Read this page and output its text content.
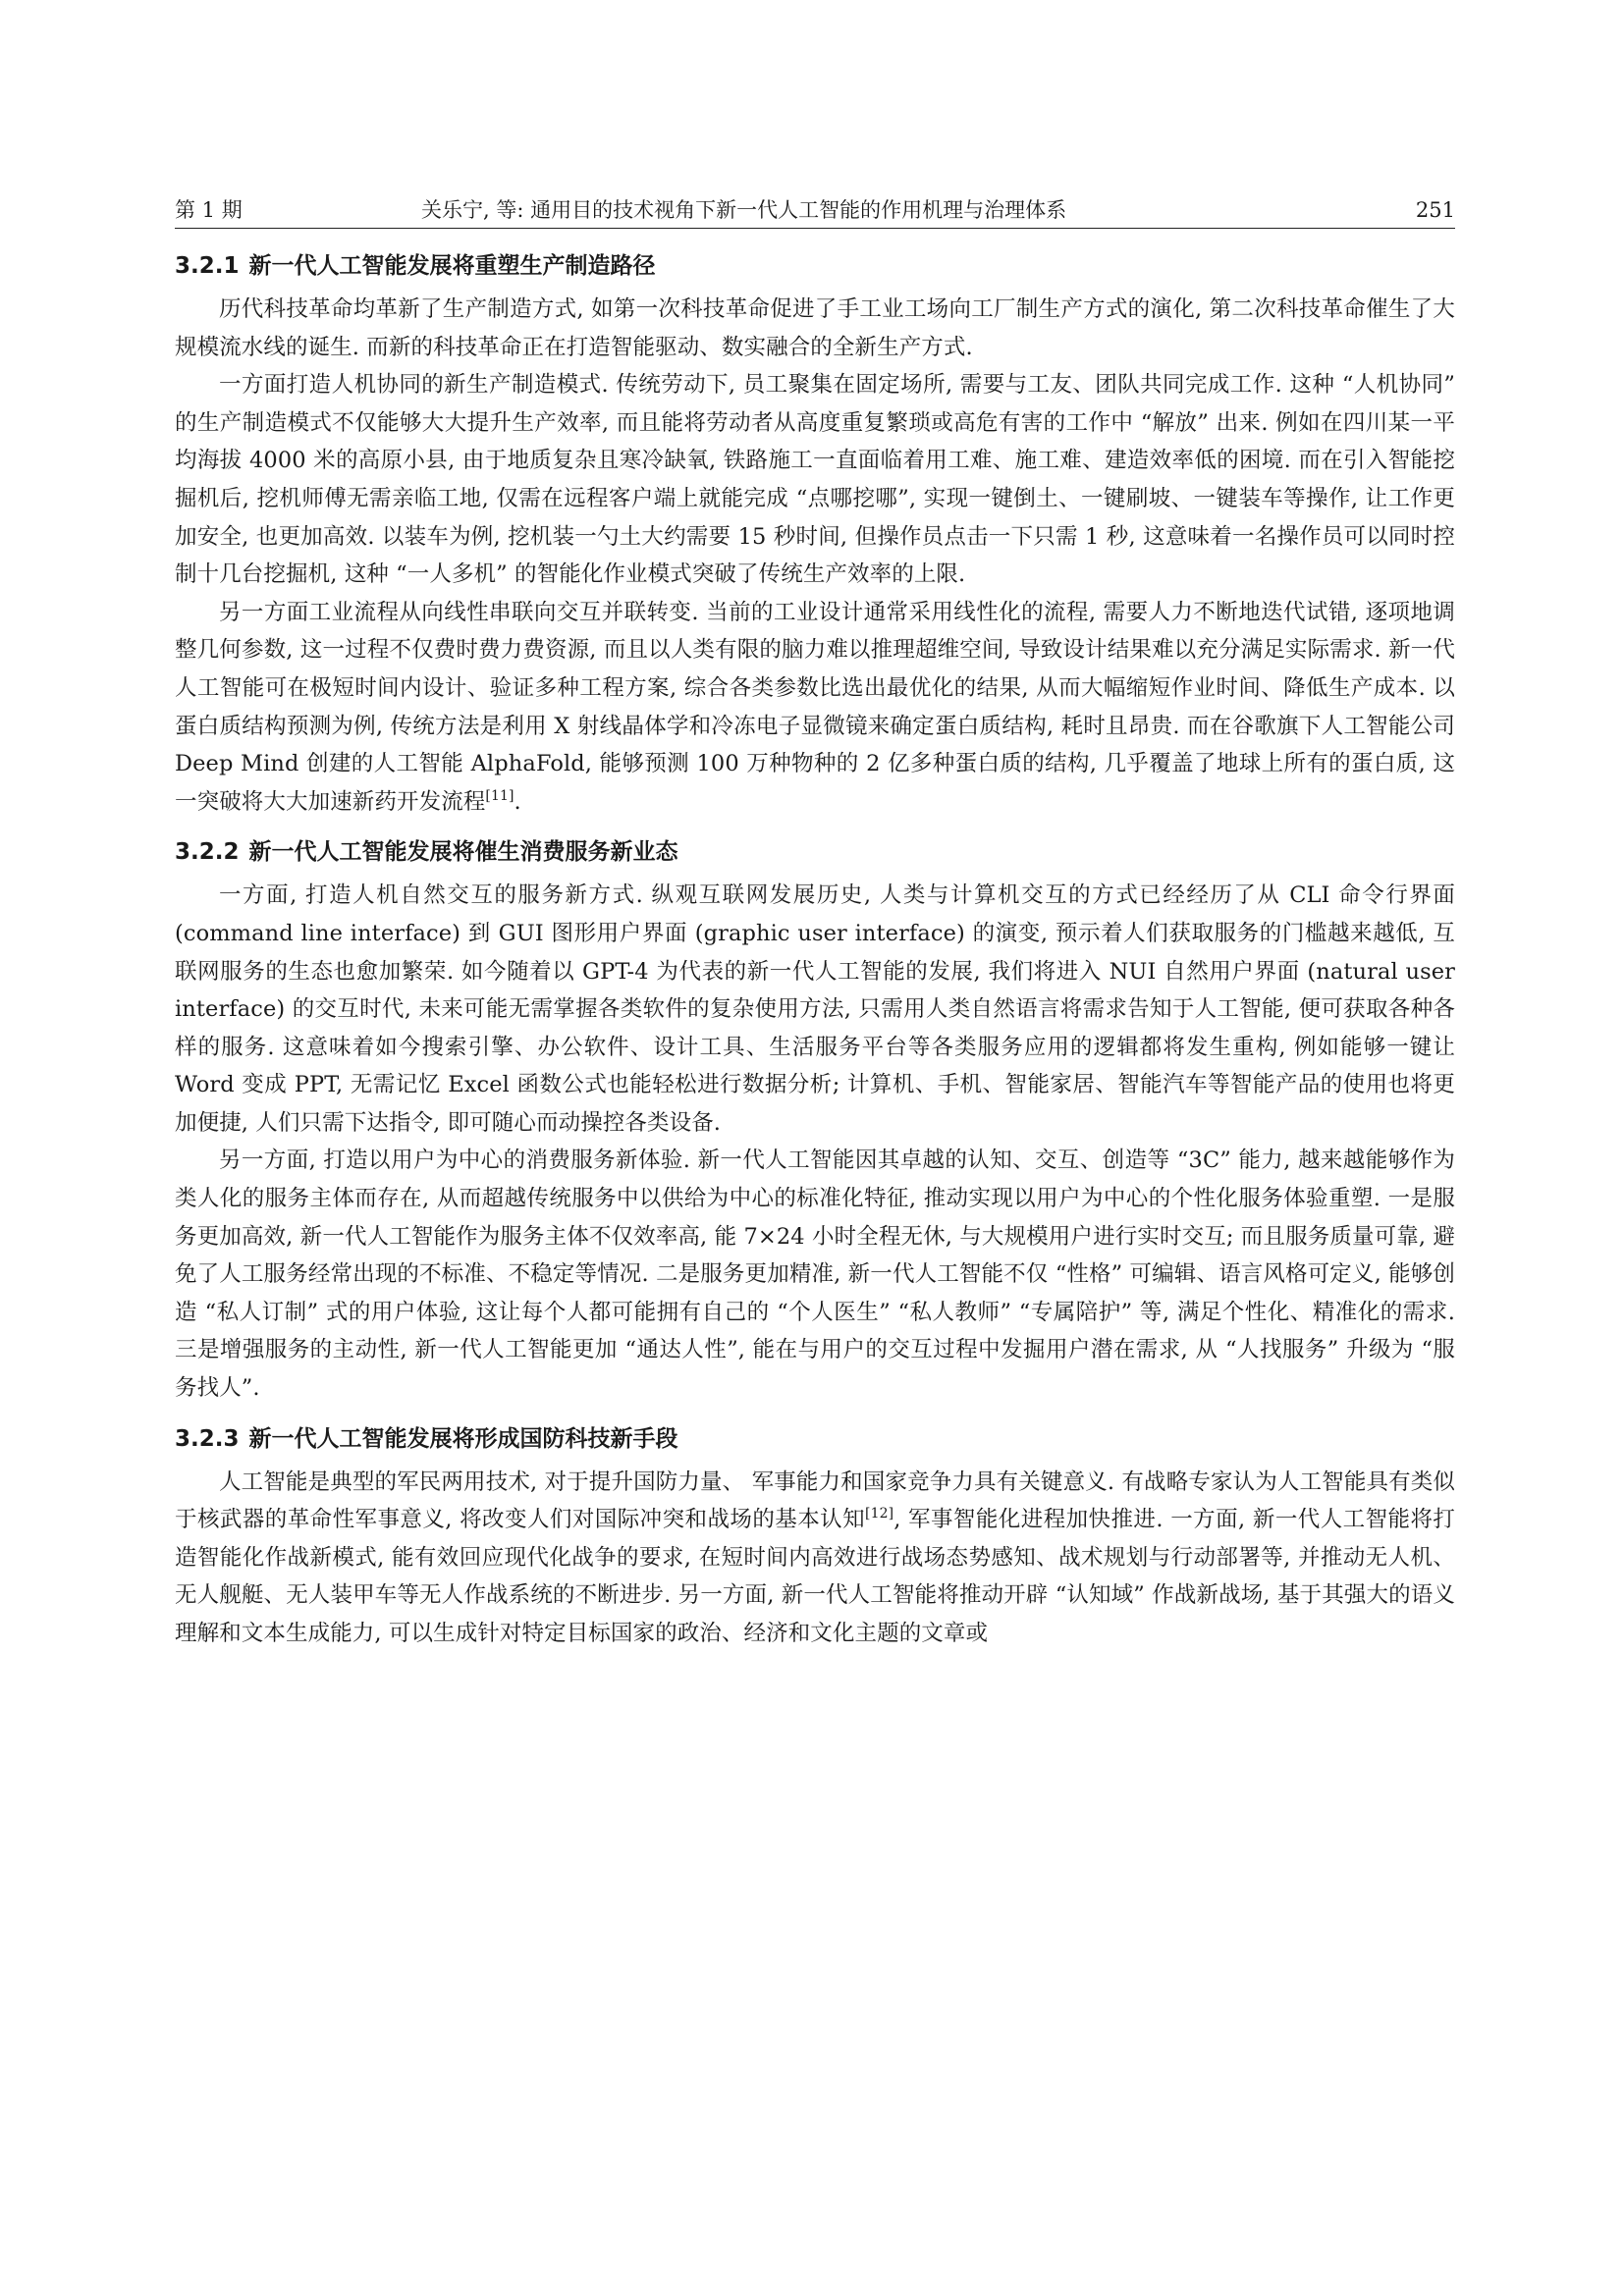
第 1 期	关乐宁, 等: 通用目的技术视角下新一代人工智能的作用机理与治理体系	251
3.2.1 新一代人工智能发展将重塑生产制造路径

历代科技革命均革新了生产制造方式, 如第一次科技革命促进了手工业工场向工厂制生产方式的演化, 第二次科技革命催生了大规模流水线的诞生. 而新的科技革命正在打造智能驱动、数实融合的全新生产方式.

一方面打造人机协同的新生产制造模式. 传统劳动下, 员工聚集在固定场所, 需要与工友、团队共同完成工作. 这种 “人机协同” 的生产制造模式不仅能够大大提升生产效率, 而且能将劳动者从高度重复繁琐或高危有害的工作中 “解放” 出来. 例如在四川某一平均海拔 4000 米的高原小县, 由于地质复杂且寒冷缺氧, 铁路施工一直面临着用工难、施工难、建造效率低的困境. 而在引入智能挖掘机后, 挖机师傅无需亲临工地, 仅需在远程客户端上就能完成 “点哪挖哪”, 实现一键倒土、一键刷坡、一键装车等操作, 让工作更加安全, 也更加高效. 以装车为例, 挖机装一勺土大约需要 15 秒时间, 但操作员点击一下只需 1 秒, 这意味着一名操作员可以同时控制十几台挖掘机, 这种 “一人多机” 的智能化作业模式突破了传统生产效率的上限.

另一方面工业流程从向线性串联向交互并联转变. 当前的工业设计通常采用线性化的流程, 需要人力不断地迭代试错, 逐项地调整几何参数, 这一过程不仅费时费力费资源, 而且以人类有限的脑力难以推理超维空间, 导致设计结果难以充分满足实际需求. 新一代人工智能可在极短时间内设计、验证多种工程方案, 综合各类参数比选出最优化的结果, 从而大幅缩短作业时间、降低生产成本. 以蛋白质结构预测为例, 传统方法是利用 X 射线晶体学和冷冻电子显微镜来确定蛋白质结构, 耗时且昂贵. 而在谷歌旗下人工智能公司 Deep Mind 创建的人工智能 AlphaFold, 能够预测 100 万种物种的 2 亿多种蛋白质的结构, 几乎覆盖了地球上所有的蛋白质, 这一突破将大大加速新药开发流程[11].

3.2.2 新一代人工智能发展将催生消费服务新业态

一方面, 打造人机自然交互的服务新方式. 纵观互联网发展历史, 人类与计算机交互的方式已经经历了从 CLI 命令行界面 (command line interface) 到 GUI 图形用户界面 (graphic user interface) 的演变, 预示着人们获取服务的门槛越来越低, 互联网服务的生态也愈加繁荣. 如今随着以 GPT-4 为代表的新一代人工智能的发展, 我们将进入 NUI 自然用户界面 (natural user interface) 的交互时代, 未来可能无需掌握各类软件的复杂使用方法, 只需用人类自然语言将需求告知于人工智能, 便可获取各种各样的服务. 这意味着如今搜索引擎、办公软件、设计工具、生活服务平台等各类服务应用的逻辑都将发生重构, 例如能够一键让 Word 变成 PPT, 无需记忆 Excel 函数公式也能轻松进行数据分析; 计算机、手机、智能家居、智能汽车等智能产品的使用也将更加便捷, 人们只需下达指令, 即可随心而动操控各类设备.

另一方面, 打造以用户为中心的消费服务新体验. 新一代人工智能因其卓越的认知、交互、创造等 “3C” 能力, 越来越能够作为类人化的服务主体而存在, 从而超越传统服务中以供给为中心的标准化特征, 推动实现以用户为中心的个性化服务体验重塑. 一是服务更加高效, 新一代人工智能作为服务主体不仅效率高, 能 7×24 小时全程无休, 与大规模用户进行实时交互; 而且服务质量可靠, 避免了人工服务经常出现的不标准、不稳定等情况. 二是服务更加精准, 新一代人工智能不仅 “性格” 可编辑、语言风格可定义, 能够创造 “私人订制” 式的用户体验, 这让每个人都可能拥有自己的 “个人医生” “私人教师” “专属陪护” 等, 满足个性化、精准化的需求. 三是增强服务的主动性, 新一代人工智能更加 “通达人性”, 能在与用户的交互过程中发掘用户潜在需求, 从 “人找服务” 升级为 “服务找人”.

3.2.3 新一代人工智能发展将形成国防科技新手段

人工智能是典型的军民两用技术, 对于提升国防力量、 军事能力和国家竞争力具有关键意义. 有战略专家认为人工智能具有类似于核武器的革命性军事意义, 将改变人们对国际冲突和战场的基本认知[12], 军事智能化进程加快推进. 一方面, 新一代人工智能将打造智能化作战新模式, 能有效回应现代化战争的要求, 在短时间内高效进行战场态势感知、战术规划与行动部署等, 并推动无人机、无人舰艇、无人装甲车等无人作战系统的不断进步. 另一方面, 新一代人工智能将推动开辟 “认知域” 作战新战场, 基于其强大的语义理解和文本生成能力, 可以生成针对特定目标国家的政治、经济和文化主题的文章或
